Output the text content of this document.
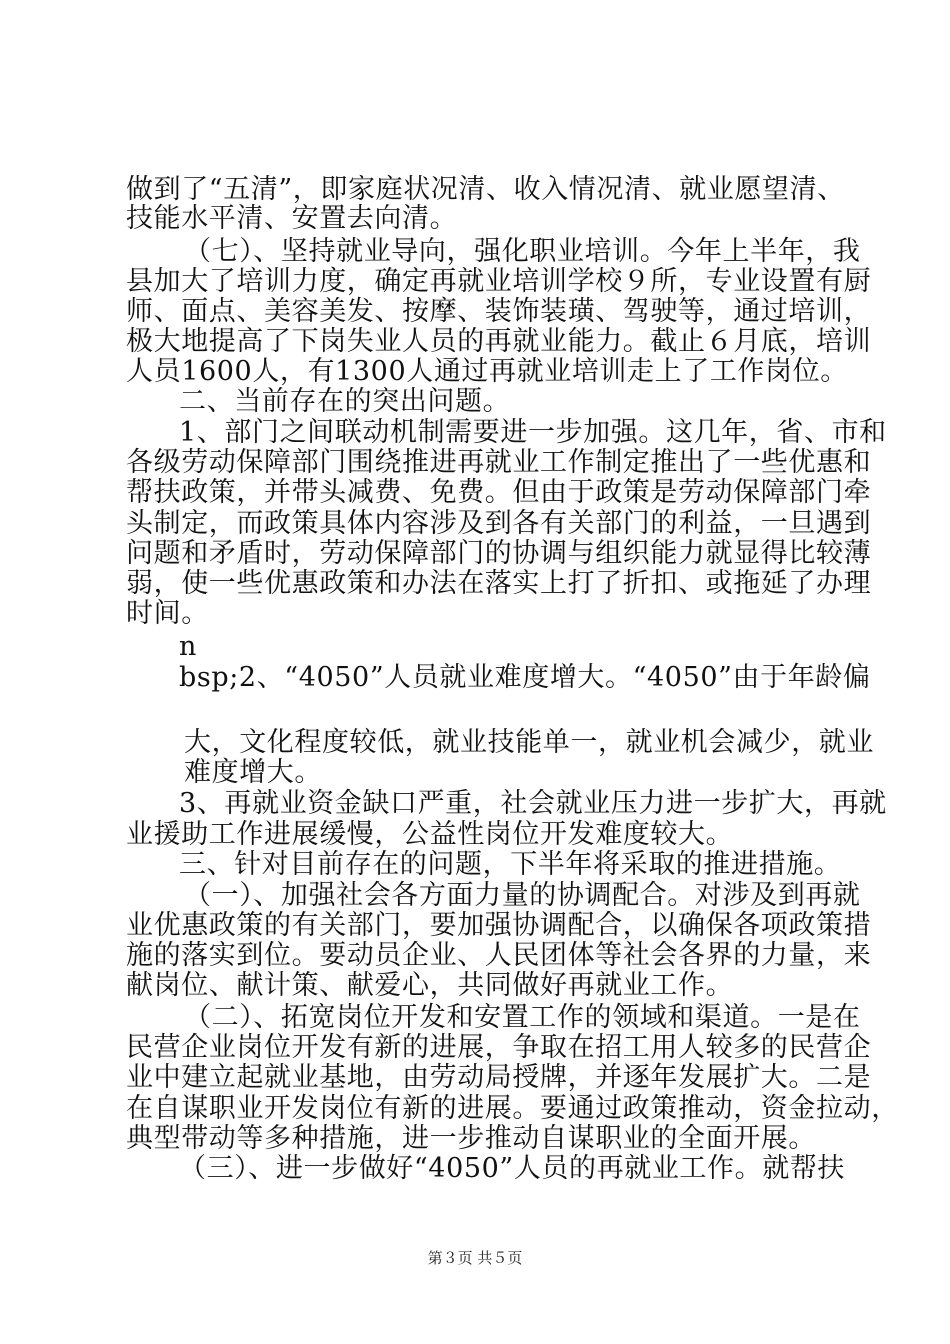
做到了“五清”，即家庭状况清、收入情况清、就业愿望清、
技能水平清、安置去向清。
（七）、坚持就业导向，强化职业培训。今年上半年，我
县加大了培训力度，确定再就业培训学校９所，专业设置有厨
师、面点、美容美发、按摩、装饰装璜、驾驶等，通过培训，
极大地提高了下岗失业人员的再就业能力。截止６月底，培训
人员1600人，有1300人通过再就业培训走上了工作岗位。
二、当前存在的突出问题。
1、部门之间联动机制需要进一步加强。这几年，省、市和
各级劳动保障部门围绕推进再就业工作制定推出了一些优惠和
帮扶政策，并带头减费、免费。但由于政策是劳动保障部门牵
头制定，而政策具体内容涉及到各有关部门的利益，一旦遇到
问题和矛盾时，劳动保障部门的协调与组织能力就显得比较薄
弱，使一些优惠政策和办法在落实上打了折扣、或拖延了办理
时间。
n
bsp;2、“4050”人员就业难度增大。“4050”由于年龄偏
大，文化程度较低，就业技能单一，就业机会减少，就业
难度增大。
3、再就业资金缺口严重，社会就业压力进一步扩大，再就
业援助工作进展缓慢，公益性岗位开发难度较大。
三、针对目前存在的问题，下半年将采取的推进措施。
（一）、加强社会各方面力量的协调配合。对涉及到再就
业优惠政策的有关部门，要加强协调配合，以确保各项政策措
施的落实到位。要动员企业、人民团体等社会各界的力量，来
献岗位、献计策、献爱心，共同做好再就业工作。
（二）、拓宽岗位开发和安置工作的领域和渠道。一是在
民营企业岗位开发有新的进展，争取在招工用人较多的民营企
业中建立起就业基地，由劳动局授牌，并逐年发展扩大。二是
在自谋职业开发岗位有新的进展。要通过政策推动，资金拉动，
典型带动等多种措施，进一步推动自谋职业的全面开展。
（三）、进一步做好“4050”人员的再就业工作。就帮扶
第３页 共５页
